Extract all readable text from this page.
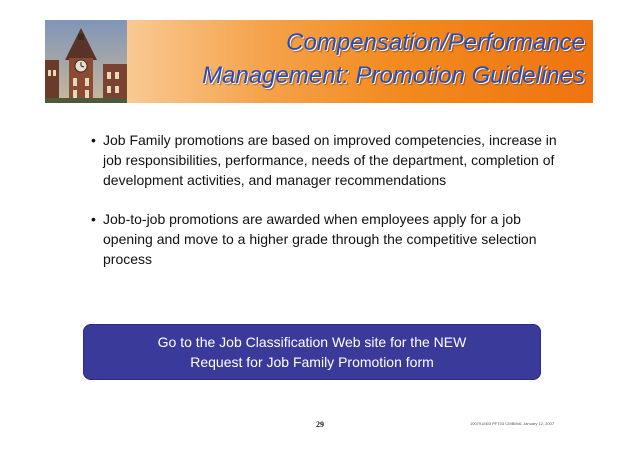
Compensation/Performance
Management: Promotion Guidelines
• Job Family promotions are based on improved competencies, increase in job responsibilities, performance, needs of the department, completion of development activities, and manager recommendations
• Job-to-job promotions are awarded when employees apply for a job opening and move to a higher grade through the competitive selection process
Go to the Job Classification Web site for the NEW Request for Job Family Promotion form
29	1007918I03 PFT03 CMBMd1 January 12, 2007
